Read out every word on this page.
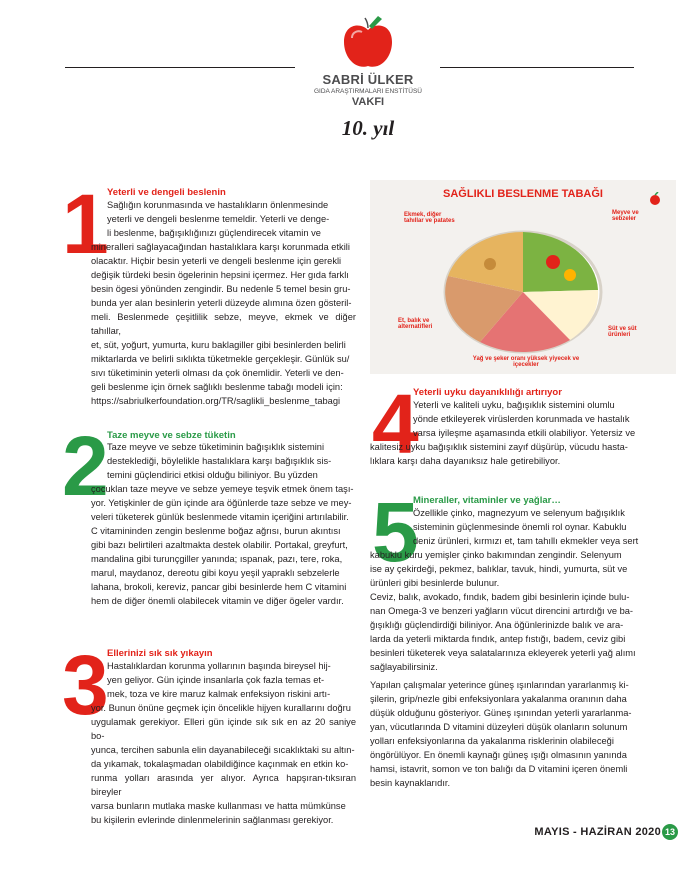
SABRİ ÜLKER
GIDA ARAŞTIRMALARI ENSTİTÜSÜ
VAKFI
10. yıl
1
Yeterli ve dengeli beslenin

Sağlığın korunmasında ve hastalıkların önlenmesinde

yeterli ve dengeli beslenme temeldir. Yeterli ve denge-

li beslenme, bağışıklığınızı güçlendirecek vitamin ve

mineralleri sağlayacağından hastalıklara karşı korunmada etkili

olacaktır. Hiçbir besin yeterli ve dengeli beslenme için gerekli

değişik türdeki besin ögelerinin hepsini içermez. Her gıda farklı

besin ögesi yönünden zengindir. Bu nedenle 5 temel besin gru-

bunda yer alan besinlerin yeterli düzeyde alımına özen gösteril-

meli. Beslenmede çeşitlilik sebze, meyve, ekmek ve diğer tahıllar,

et, süt, yoğurt, yumurta, kuru baklagiller gibi besinlerden belirli

miktarlarda ve belirli sıklıkta tüketmekle gerçekleşir. Günlük su/

sıvı tüketiminin yeterli olması da çok önemlidir. Yeterli ve den-

geli beslenme için örnek sağlıklı beslenme tabağı modeli için:

https://sabriulkerfoundation.org/TR/saglikli_beslenme_tabagi

2
Taze meyve ve sebze tüketin

Taze meyve ve sebze tüketiminin bağışıklık sistemini

desteklediği, böylelikle hastalıklara karşı bağışıklık sis-

temini güçlendirici etkisi olduğu biliniyor. Bu yüzden

çocuklan taze meyve ve sebze yemeye teşvik etmek önem taşı-

yor. Yetişkinler de gün içinde ara öğünlerde taze sebze ve mey-

veleri tüketerek günlük beslenmede vitamin içeriğini artırılabilir.

C vitamininden zengin beslenme boğaz ağrısı, burun akıntısı

gibi bazı belirtileri azaltmakta destek olabilir. Portakal, greyfurt,

mandalina gibi turunçgiller yanında; ıspanak, pazı, tere, roka,

marul, maydanoz, dereotu gibi koyu yeşil yapraklı sebzelerle

lahana, brokoli, kereviz, pancar gibi besinlerde hem C vitamini

hem de diğer önemli olabilecek vitamin ve diğer ögeler vardır.

3
Ellerinizi sık sık yıkayın

Hastalıklardan korunma yollarının başında bireysel hij-

yen geliyor. Gün içinde insanlarla çok fazla temas et-

mek, toza ve kire maruz kalmak enfeksiyon riskini artı-

yor. Bunun önüne geçmek için öncelikle hijyen kurallarını doğru

uygulamak gerekiyor. Elleri gün içinde sık sık en az 20 saniye bo-

yunca, tercihen sabunla elin dayanabileceği sıcaklıktaki su altın-

da yıkamak, tokalaşmadan olabildiğince kaçınmak en etkin ko-

runma yolları arasında yer alıyor. Ayrıca hapşıran-tıksıran bireyler

varsa bunların mutlaka maske kullanması ve hatta mümkünse

bu kişilerin evlerinde dinlenmelerinin sağlanması gerekiyor.

SAĞLIKLI BESLENME TABAĞI
Ekmek, diğer tahıllar ve patates
Meyve ve sebzeler
Et, balık ve alternatifleri	Süt ve süt ürünleri
Yağ ve şeker oranı yüksek yiyecek ve içecekler
4
Yeterli uyku dayanıklılığı artırıyor

Yeterli ve kaliteli uyku, bağışıklık sistemini olumlu

yönde etkileyerek virüslerden korunmada ve hastalık

varsa iyileşme aşamasında etkili olabiliyor. Yetersiz ve

kalitesiz uyku bağışıklık sistemini zayıf düşürüp, vücudu hasta-

lıklara karşı daha dayanıksız hale getirebiliyor.

5
Mineraller, vitaminler ve yağlar…

Özellikle çinko, magnezyum ve selenyum bağışıklık

sisteminin güçlenmesinde önemli rol oynar. Kabuklu

deniz ürünleri, kırmızı et, tam tahıllı ekmekler veya sert

kabuklu kuru yemişler çinko bakımından zengindir. Selenyum

ise ay çekirdeği, pekmez, balıklar, tavuk, hindi, yumurta, süt ve

ürünleri gibi besinlerde bulunur.

Ceviz, balık, avokado, fındık, badem gibi besinlerin içinde bulu-

nan Omega-3 ve benzeri yağların vücut direncini artırdığı ve ba-

ğışıklığı güçlendirdiği biliniyor. Ana öğünlerinizde balık ve ara-

larda da yeterli miktarda fındık, antep fıstığı, badem, ceviz gibi

besinleri tüketerek veya salatalarınıza ekleyerek yeterli yağ alımı

sağlayabilirsiniz.

Yapılan çalışmalar yeterince güneş ışınlarından yararlanmış ki-

şilerin, grip/nezle gibi enfeksiyonlara yakalanma oranının daha

düşük olduğunu gösteriyor. Güneş ışınından yeterli yararlanma-

yan, vücutlarında D vitamini düzeyleri düşük olanların solunum

yolları enfeksiyonlarına da yakalanma risklerinin olabileceği

öngörülüyor. En önemli kaynağı güneş ışığı olmasının yanında

hamsi, istavrit, somon ve ton balığı da D vitamini içeren önemli

besin kaynaklarıdır.

MAYIS - HAZİRAN 2020 13
